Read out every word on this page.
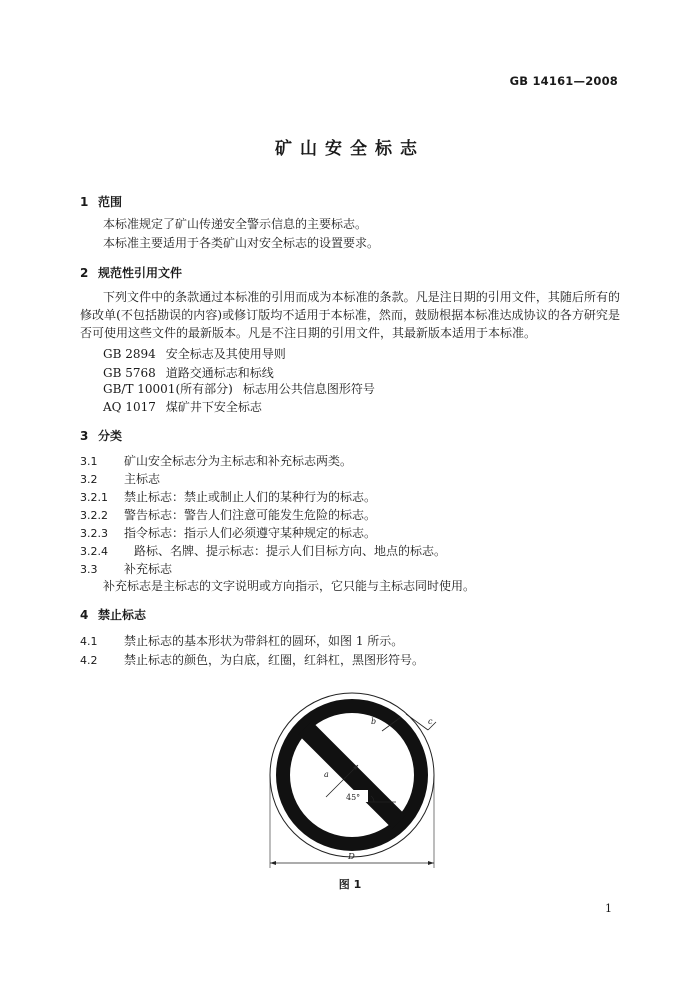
GB 14161—2008
矿山安全标志
1 范围
本标准规定了矿山传递安全警示信息的主要标志。
本标准主要适用于各类矿山对安全标志的设置要求。
2 规范性引用文件
下列文件中的条款通过本标准的引用而成为本标准的条款。凡是注日期的引用文件，其随后所有的修改单(不包括勘误的内容)或修订版均不适用于本标准，然而，鼓励根据本标准达成协议的各方研究是否可使用这些文件的最新版本。凡是不注日期的引用文件，其最新版本适用于本标准。
GB 2894 安全标志及其使用导则
GB 5768 道路交通标志和标线
GB/T 10001(所有部分) 标志用公共信息图形符号
AQ 1017 煤矿井下安全标志
3 分类
3.1 矿山安全标志分为主标志和补充标志两类。
3.2 主标志
3.2.1 禁止标志：禁止或制止人们的某种行为的标志。
3.2.2 警告标志：警告人们注意可能发生危险的标志。
3.2.3 指令标志：指示人们必须遵守某种规定的标志。
3.2.4 路标、名牌、提示标志：提示人们目标方向、地点的标志。
3.3 补充标志
补充标志是主标志的文字说明或方向指示，它只能与主标志同时使用。
4 禁止标志
4.1 禁止标志的基本形状为带斜杠的圆环，如图 1 所示。
4.2 禁止标志的颜色，为白底，红圈，红斜杠，黑图形符号。
a
b	c
45°
D
图 1
1
